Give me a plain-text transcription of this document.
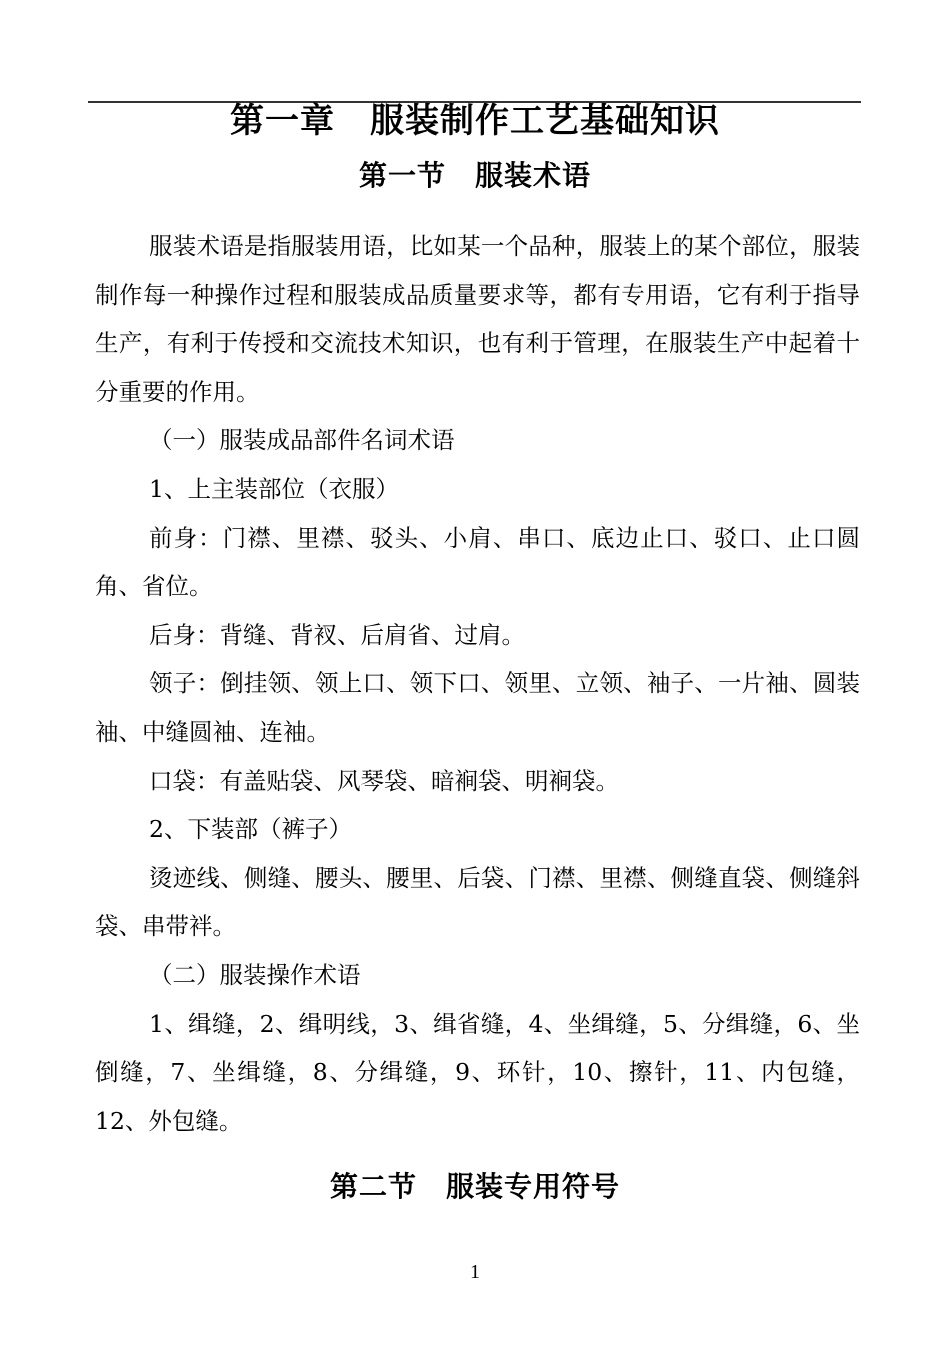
第一章　服装制作工艺基础知识
第一节　服装术语

服装术语是指服装用语，比如某一个品种，服装上的某个部位，服装制作每一种操作过程和服装成品质量要求等，都有专用语，它有利于指导生产，有利于传授和交流技术知识，也有利于管理，在服装生产中起着十分重要的作用。

（一）服装成品部件名词术语

1、上主装部位（衣服）

前身：门襟、里襟、驳头、小肩、串口、底边止口、驳口、止口圆角、省位。

后身：背缝、背衩、后肩省、过肩。

领子：倒挂领、领上口、领下口、领里、立领、袖子、一片袖、圆装袖、中缝圆袖、连袖。

口袋：有盖贴袋、风琴袋、暗裥袋、明裥袋。

2、下装部（裤子）

烫迹线、侧缝、腰头、腰里、后袋、门襟、里襟、侧缝直袋、侧缝斜袋、串带袢。

（二）服装操作术语

1、缉缝，2、缉明线，3、缉省缝，4、坐缉缝，5、分缉缝，6、坐倒缝，7、坐缉缝，8、分缉缝，9、环针，10、擦针，11、内包缝，12、外包缝。

第二节　服装专用符号
1
